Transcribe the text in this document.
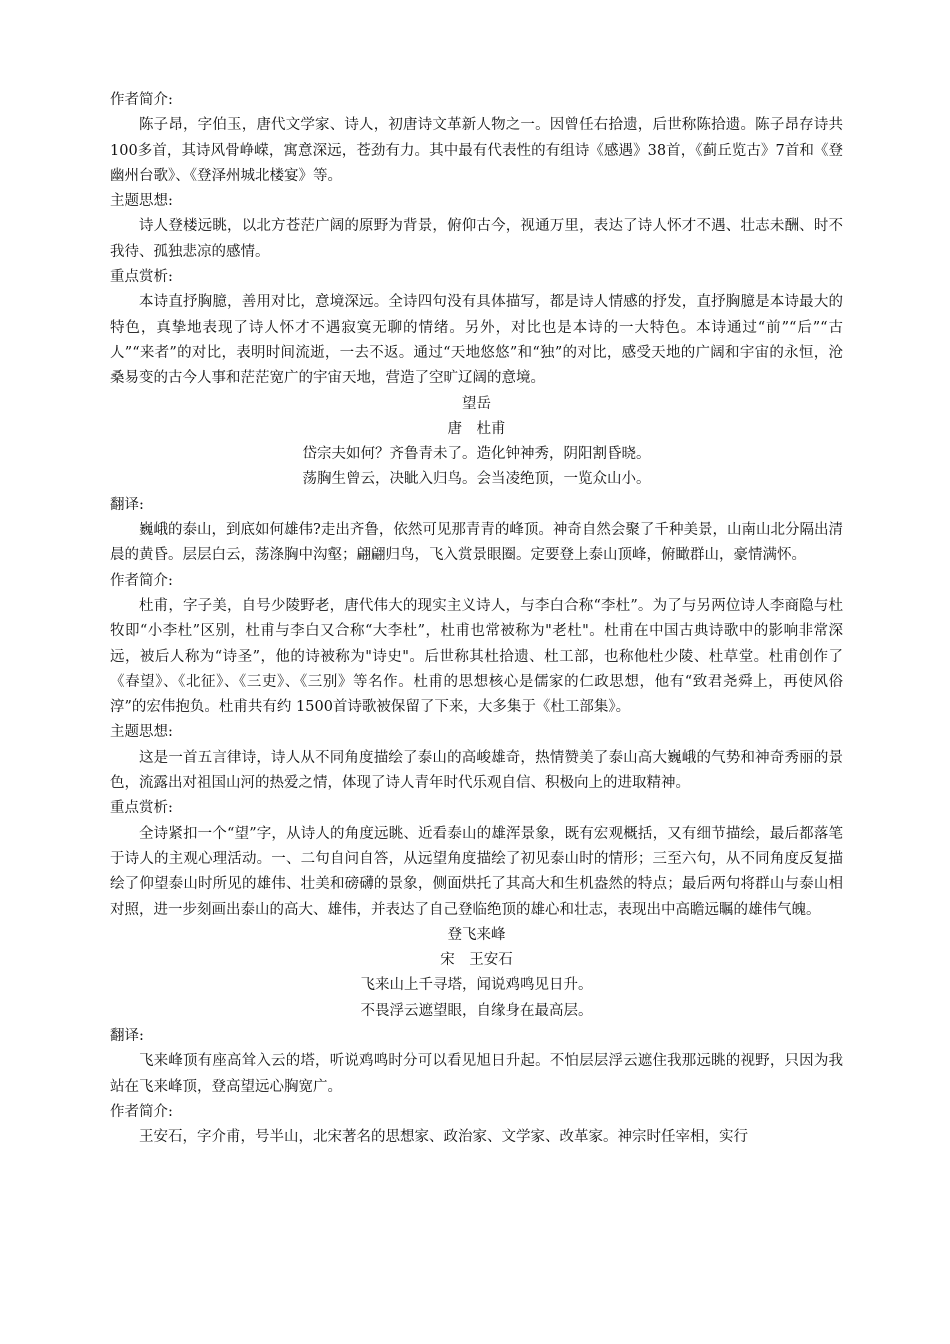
作者简介:

陈子昂，字伯玉，唐代文学家、诗人，初唐诗文革新人物之一。因曾任右拾遗，后世称陈拾遗。陈子昂存诗共100多首，其诗风骨峥嵘，寓意深远，苍劲有力。其中最有代表性的有组诗《感遇》38首，《蓟丘览古》7首和《登幽州台歌》、《登泽州城北楼宴》等。

主题思想:

诗人登楼远眺，以北方苍茫广阔的原野为背景，俯仰古今，视通万里，表达了诗人怀才不遇、壮志未酬、时不我待、孤独悲凉的感情。

重点赏析:

本诗直抒胸臆，善用对比，意境深远。全诗四句没有具体描写，都是诗人情感的抒发，直抒胸臆是本诗最大的特色，真挚地表现了诗人怀才不遇寂寞无聊的情绪。另外，对比也是本诗的一大特色。本诗通过“前”“后”“古人”“来者”的对比，表明时间流逝，一去不返。通过“天地悠悠”和“独”的对比，感受天地的广阔和宇宙的永恒，沧桑易变的古今人事和茫茫宽广的宇宙天地，营造了空旷辽阔的意境。

望岳

唐　杜甫

岱宗夫如何？齐鲁青未了。造化钟神秀，阴阳割昏晓。

荡胸生曾云，决眦入归鸟。会当凌绝顶，一览众山小。

翻译:

巍峨的泰山，到底如何雄伟?走出齐鲁，依然可见那青青的峰顶。神奇自然会聚了千种美景，山南山北分隔出清晨的黄昏。层层白云，荡涤胸中沟壑；翩翩归鸟，飞入赏景眼圈。定要登上泰山顶峰，俯瞰群山，豪情满怀。

作者简介:

杜甫，字子美，自号少陵野老，唐代伟大的现实主义诗人，与李白合称“李杜”。为了与另两位诗人李商隐与杜牧即“小李杜”区别，杜甫与李白又合称“大李杜”，杜甫也常被称为"老杜"。杜甫在中国古典诗歌中的影响非常深远，被后人称为“诗圣”，他的诗被称为"诗史"。后世称其杜拾遗、杜工部，也称他杜少陵、杜草堂。杜甫创作了《春望》、《北征》、《三吏》、《三别》等名作。杜甫的思想核心是儒家的仁政思想，他有“致君尧舜上，再使风俗淳”的宏伟抱负。杜甫共有约 1500首诗歌被保留了下来，大多集于《杜工部集》。

主题思想:

这是一首五言律诗，诗人从不同角度描绘了泰山的高峻雄奇，热情赞美了泰山高大巍峨的气势和神奇秀丽的景色，流露出对祖国山河的热爱之情，体现了诗人青年时代乐观自信、积极向上的进取精神。

重点赏析:

全诗紧扣一个“望”字，从诗人的角度远眺、近看泰山的雄浑景象，既有宏观概括，又有细节描绘，最后都落笔于诗人的主观心理活动。一、二句自问自答，从远望角度描绘了初见泰山时的情形；三至六句，从不同角度反复描绘了仰望泰山时所见的雄伟、壮美和磅礴的景象，侧面烘托了其高大和生机盎然的特点；最后两句将群山与泰山相对照，进一步刻画出泰山的高大、雄伟，并表达了自己登临绝顶的雄心和壮志，表现出中高瞻远瞩的雄伟气魄。

登飞来峰

宋　王安石

飞来山上千寻塔，闻说鸡鸣见日升。

不畏浮云遮望眼，自缘身在最高层。

翻译:

飞来峰顶有座高耸入云的塔，听说鸡鸣时分可以看见旭日升起。不怕层层浮云遮住我那远眺的视野，只因为我站在飞来峰顶，登高望远心胸宽广。

作者简介:

王安石，字介甫，号半山，北宋著名的思想家、政治家、文学家、改革家。神宗时任宰相，实行
